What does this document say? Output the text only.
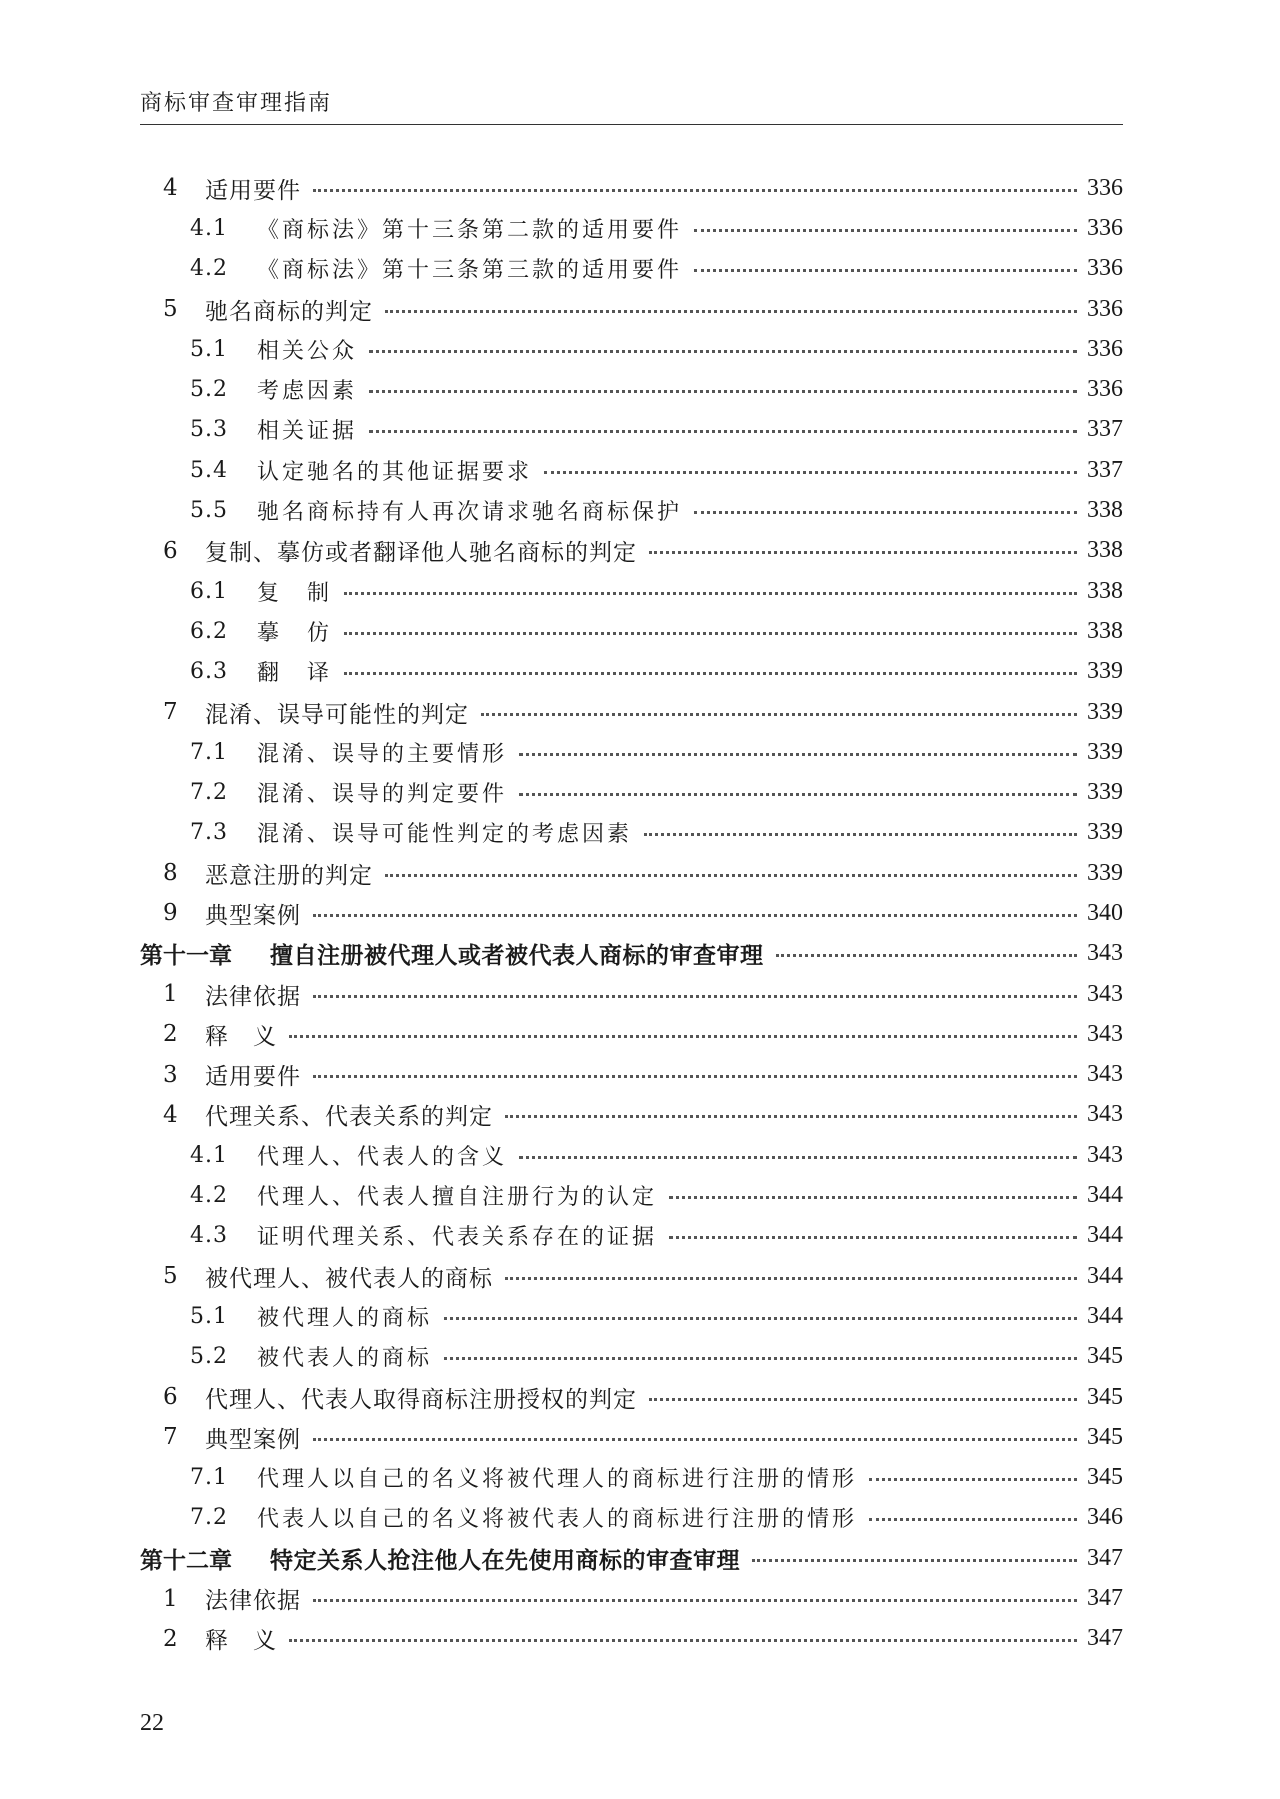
商标审查审理指南
4	适用要件	336
4.1	《商标法》第十三条第二款的适用要件	336
4.2	《商标法》第十三条第三款的适用要件	336
5	驰名商标的判定	336
5.1	相关公众	336
5.2	考虑因素	336
5.3	相关证据	337
5.4	认定驰名的其他证据要求	337
5.5	驰名商标持有人再次请求驰名商标保护	338
6	复制、摹仿或者翻译他人驰名商标的判定	338
6.1	复　制	338
6.2	摹　仿	338
6.3	翻　译	339
7	混淆、误导可能性的判定	339
7.1	混淆、误导的主要情形	339
7.2	混淆、误导的判定要件	339
7.3	混淆、误导可能性判定的考虑因素	339
8	恶意注册的判定	339
9	典型案例	340
第十一章	擅自注册被代理人或者被代表人商标的审查审理	343
1	法律依据	343
2	释　义	343
3	适用要件	343
4	代理关系、代表关系的判定	343
4.1	代理人、代表人的含义	343
4.2	代理人、代表人擅自注册行为的认定	344
4.3	证明代理关系、代表关系存在的证据	344
5	被代理人、被代表人的商标	344
5.1	被代理人的商标	344
5.2	被代表人的商标	345
6	代理人、代表人取得商标注册授权的判定	345
7	典型案例	345
7.1	代理人以自己的名义将被代理人的商标进行注册的情形	345
7.2	代表人以自己的名义将被代表人的商标进行注册的情形	346
第十二章	特定关系人抢注他人在先使用商标的审查审理	347
1	法律依据	347
2	释　义	347
22
